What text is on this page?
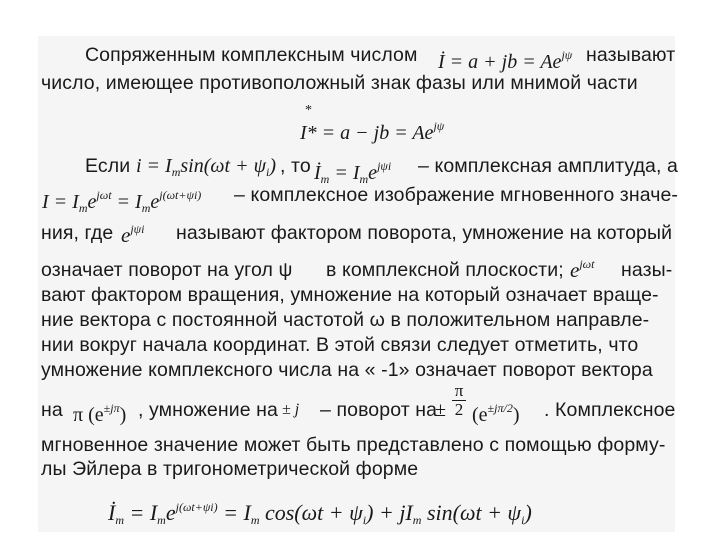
Сопряженным комплексным числом İ = a + jb = $Ae^{j\psi}$ называют
число, имеющее противоположный знак фазы или мнимой части
I* = a − jb = $Ae^{j\psi}$
Если $i = I_m\sin(\omega t + \psi_i)$ , то $İ_m = I_me^{j\psi i}$ – комплексная амплитуда, а
$I = I_me^{j\omega t} = I_me^{j(\omega t+\psi i)}$ – комплексное изображение мгновенного значе-
ния, где $e^{j\psi i}$ называют фактором поворота, умножение на который
означает поворот на угол ψ в комплексной плоскости; $e^{j\omega t}$ назы-
вают фактором вращения, умножение на который означает враще-
ние вектора с постоянной частотой ω в положительном направле-
нии вокруг начала координат. В этой связи следует отметить, что
умножение комплексного числа на « -1» означает поворот вектора
на π $(e^{\pm j\pi})$ , умножение на ± j – поворот на
±
π
2 $(e^{\pm j\pi/2})$ . Комплексное
мгновенное значение может быть представлено с помощью форму-
лы Эйлера в тригонометрической форме
$İ_m = I_me^{j(\omega t+\psi i)} = I_m$ $\cos(\omega t + \psi_i) + jI_m$ $\sin(\omega t + \psi_i)$
*
